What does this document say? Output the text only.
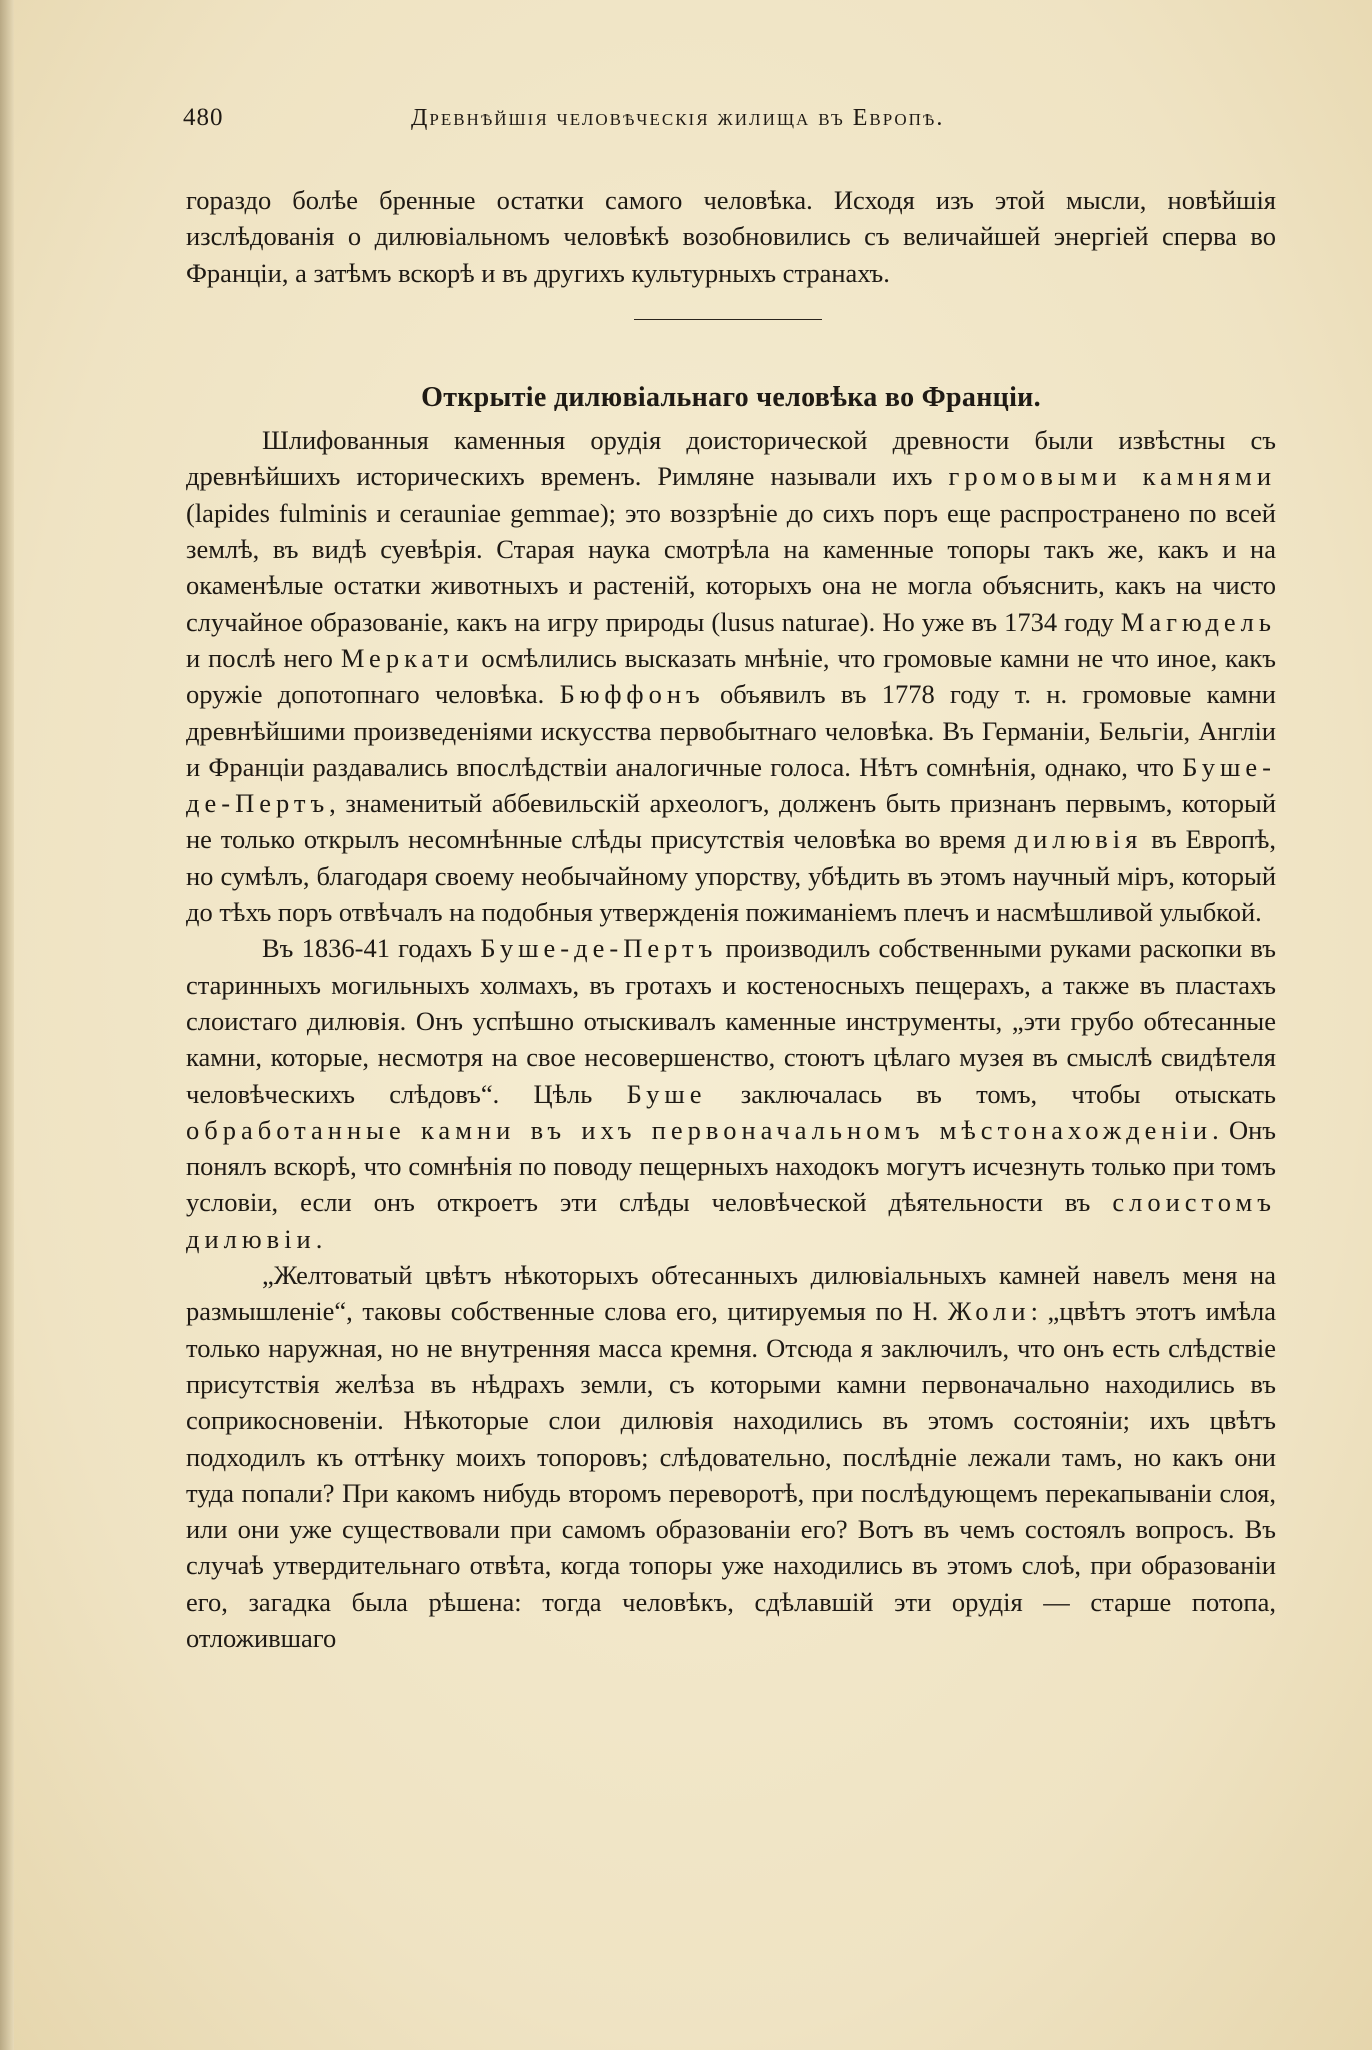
480	Древнѣйшія человѣческія жилища въ Европѣ.

гораздо болѣе бренные остатки самого человѣка. Исходя изъ этой мысли, новѣйшія изслѣдованія о дилювіальномъ человѣкѣ возобновились съ величайшей энергіей сперва во Франціи, а затѣмъ вскорѣ и въ другихъ культурныхъ странахъ.

Открытіе дилювіальнаго человѣка во Франціи.

Шлифованныя каменныя орудія доисторической древности были извѣстны съ древнѣйшихъ историческихъ временъ. Римляне называли ихъ громовыми камнями (lapides fulminis и cerauniae gemmae); это воззрѣніе до сихъ поръ еще распространено по всей землѣ, въ видѣ суевѣрія. Старая наука смотрѣла на каменные топоры такъ же, какъ и на окаменѣлые остатки животныхъ и растеній, которыхъ она не могла объяснить, какъ на чисто случайное образованіе, какъ на игру природы (lusus naturae). Но уже въ 1734 году Магюдель и послѣ него Меркати осмѣлились высказать мнѣніе, что громовые камни не что иное, какъ оружіе допотопнаго человѣка. Бюффонъ объявилъ въ 1778 году т. н. громовые камни древнѣйшими произведеніями искусства первобытнаго человѣка. Въ Германіи, Бельгіи, Англіи и Франціи раздавались впослѣдствіи аналогичные голоса. Нѣтъ сомнѣнія, однако, что Буше-де-Пертъ, знаменитый аббевильскій археологъ, долженъ быть признанъ первымъ, который не только открылъ несомнѣнные слѣды присутствія человѣка во время дилювія въ Европѣ, но сумѣлъ, благодаря своему необычайному упорству, убѣдить въ этомъ научный міръ, который до тѣхъ поръ отвѣчалъ на подобныя утвержденія пожиманіемъ плечъ и насмѣшливой улыбкой.

Въ 1836-41 годахъ Буше-де-Пертъ производилъ собственными руками раскопки въ старинныхъ могильныхъ холмахъ, въ гротахъ и костеносныхъ пещерахъ, а также въ пластахъ слоистаго дилювія. Онъ успѣшно отыскивалъ каменные инструменты, „эти грубо обтесанные камни, которые, несмотря на свое несовершенство, стоютъ цѣлаго музея въ смыслѣ свидѣтеля человѣческихъ слѣдовъ“. Цѣль Буше заключалась въ томъ, чтобы отыскать обработанные камни въ ихъ первоначальномъ мѣстонахожденіи. Онъ понялъ вскорѣ, что сомнѣнія по поводу пещерныхъ находокъ могутъ исчезнуть только при томъ условіи, если онъ откроетъ эти слѣды человѣческой дѣятельности въ слоистомъ дилювіи.

„Желтоватый цвѣтъ нѣкоторыхъ обтесанныхъ дилювіальныхъ камней навелъ меня на размышленіе“, таковы собственные слова его, цитируемыя по Н. Жоли: „цвѣтъ этотъ имѣла только наружная, но не внутренняя масса кремня. Отсюда я заключилъ, что онъ есть слѣдствіе присутствія желѣза въ нѣдрахъ земли, съ которыми камни первоначально находились въ соприкосновеніи. Нѣкоторые слои дилювія находились въ этомъ состояніи; ихъ цвѣтъ подходилъ къ оттѣнку моихъ топоровъ; слѣдовательно, послѣдніе лежали тамъ, но какъ они туда попали? При какомъ нибудь второмъ переворотѣ, при послѣдующемъ перекапываніи слоя, или они уже существовали при самомъ образованіи его? Вотъ въ чемъ состоялъ вопросъ. Въ случаѣ утвердительнаго отвѣта, когда топоры уже находились въ этомъ слоѣ, при образованіи его, загадка была рѣшена: тогда человѣкъ, сдѣлавшій эти орудія — старше потопа, отложившаго
